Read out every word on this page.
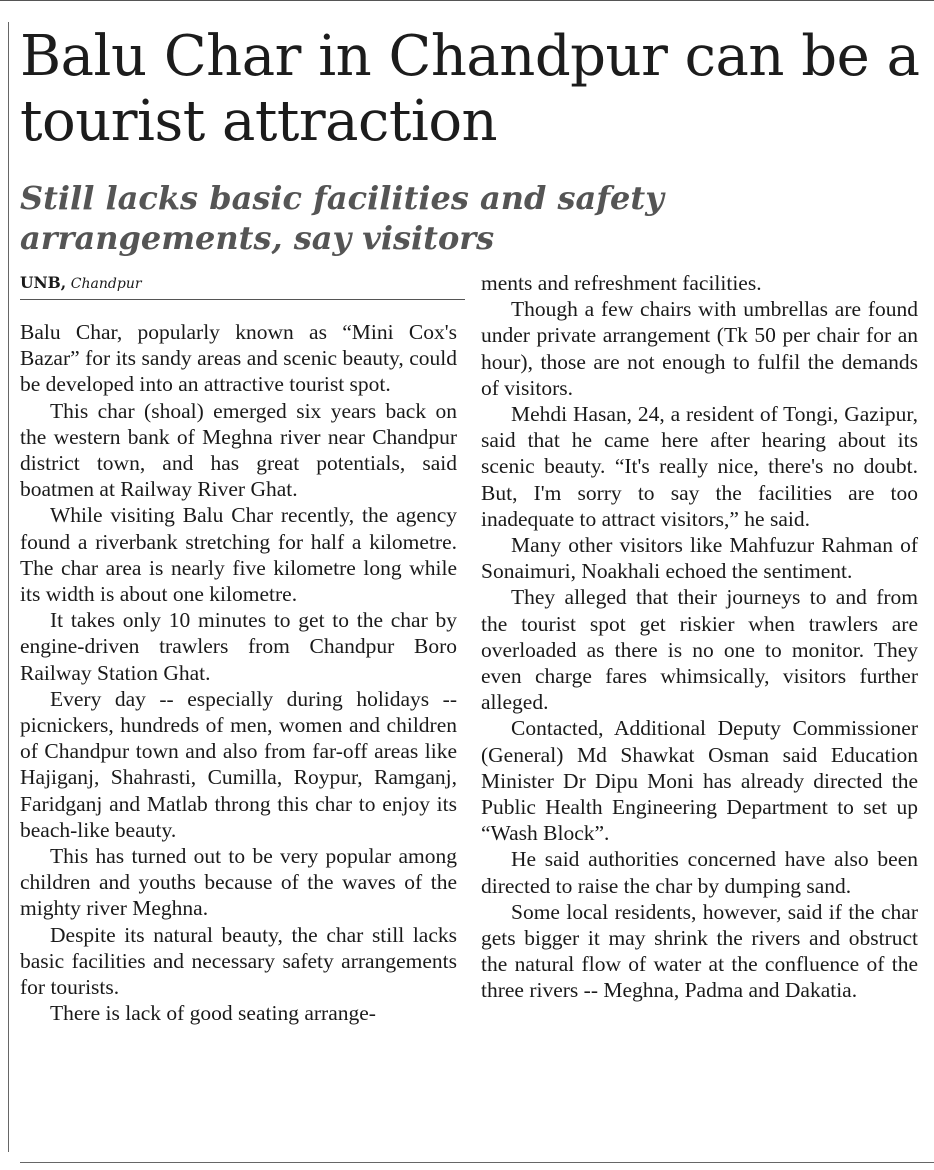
Balu Char in Chandpur can be a tourist attraction
Still lacks basic facilities and safety arrangements, say visitors
UNB, Chandpur

Balu Char, popularly known as “Mini Cox's Bazar” for its sandy areas and scenic beauty, could be developed into an attractive tourist spot.

This char (shoal) emerged six years back on the western bank of Meghna river near Chandpur district town, and has great potentials, said boatmen at Railway River Ghat.

While visiting Balu Char recently, the agency found a riverbank stretching for half a kilometre. The char area is nearly five kilometre long while its width is about one kilometre.

It takes only 10 minutes to get to the char by engine-driven trawlers from Chandpur Boro Railway Station Ghat.

Every day -- especially during holidays -- picnickers, hundreds of men, women and children of Chandpur town and also from far-off areas like Hajiganj, Shahrasti, Cumilla, Roypur, Ramganj, Faridganj and Matlab throng this char to enjoy its beach-like beauty.

This has turned out to be very popular among children and youths because of the waves of the mighty river Meghna.

Despite its natural beauty, the char still lacks basic facilities and necessary safety arrangements for tourists.

There is lack of good seating arrange-

ments and refreshment facilities.

Though a few chairs with umbrellas are found under private arrangement (Tk 50 per chair for an hour), those are not enough to fulfil the demands of visitors.

Mehdi Hasan, 24, a resident of Tongi, Gazipur, said that he came here after hearing about its scenic beauty. “It's really nice, there's no doubt. But, I'm sorry to say the facilities are too inadequate to attract visitors,” he said.

Many other visitors like Mahfuzur Rahman of Sonaimuri, Noakhali echoed the sentiment.

They alleged that their journeys to and from the tourist spot get riskier when trawlers are overloaded as there is no one to monitor. They even charge fares whimsically, visitors further alleged.

Contacted, Additional Deputy Commissioner (General) Md Shawkat Osman said Education Minister Dr Dipu Moni has already directed the Public Health Engineering Department to set up “Wash Block”.

He said authorities concerned have also been directed to raise the char by dumping sand.

Some local residents, however, said if the char gets bigger it may shrink the rivers and obstruct the natural flow of water at the confluence of the three rivers -- Meghna, Padma and Dakatia.
